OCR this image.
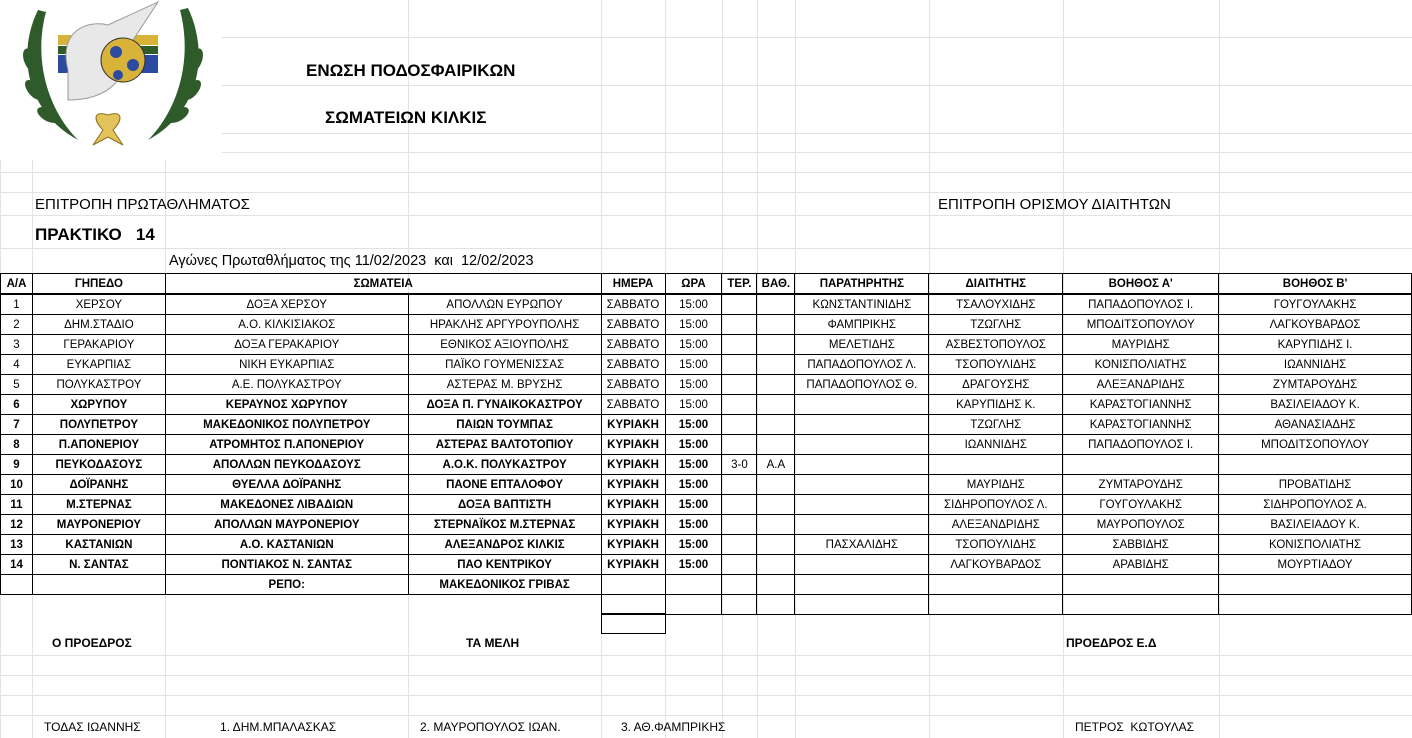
ΕΝΩΣΗ ΠΟΔΟΣΦΑΙΡΙΚΩΝ
ΣΩΜΑΤΕΙΩΝ ΚΙΛΚΙΣ
ΕΠΙΤΡΟΠΗ ΠΡΩΤΑΘΛΗΜΑΤΟΣ	ΕΠΙΤΡΟΠΗ ΟΡΙΣΜΟΥ ΔΙΑΙΤΗΤΩΝ
ΠΡΑΚΤΙΚΟ   14
Αγώνες Πρωταθλήματος της 11/02/2023  και  12/02/2023
Α/Α	ΓΗΠΕΔΟ	ΣΩΜΑΤΕΙΑ		ΗΜΕΡΑ	ΩΡΑ	ΤΕΡ.	ΒΑΘ.	ΠΑΡΑΤΗΡΗΤΗΣ	ΔΙΑΙΤΗΤΗΣ	ΒΟΗΘΟΣ Α'	ΒΟΗΘΟΣ Β'
1	ΧΕΡΣΟΥ	ΔΟΞΑ ΧΕΡΣΟΥ	ΑΠΟΛΛΩΝ ΕΥΡΩΠΟΥ	ΣΑΒΒΑΤΟ	15:00			ΚΩΝΣΤΑΝΤΙΝΙΔΗΣ	ΤΣΑΛΟΥΧΙΔΗΣ	ΠΑΠΑΔΟΠΟΥΛΟΣ Ι.	ΓΟΥΓΟΥΛΑΚΗΣ
2	ΔΗΜ.ΣΤΑΔΙΟ	Α.Ο. ΚΙΛΚΙΣΙΑΚΟΣ	ΗΡΑΚΛΗΣ ΑΡΓΥΡΟΥΠΟΛΗΣ	ΣΑΒΒΑΤΟ	15:00			ΦΑΜΠΡΙΚΗΣ	ΤΖΩΓΛΗΣ	ΜΠΟΔΙΤΣΟΠΟΥΛΟΥ	ΛΑΓΚΟΥΒΑΡΔΟΣ
3	ΓΕΡΑΚΑΡΙΟΥ	ΔΟΞΑ ΓΕΡΑΚΑΡΙΟΥ	ΕΘΝΙΚΟΣ ΑΞΙΟΥΠΟΛΗΣ	ΣΑΒΒΑΤΟ	15:00			ΜΕΛΕΤΙΔΗΣ	ΑΣΒΕΣΤΟΠΟΥΛΟΣ	ΜΑΥΡΙΔΗΣ	ΚΑΡΥΠΙΔΗΣ Ι.
4	ΕΥΚΑΡΠΙΑΣ	ΝΙΚΗ ΕΥΚΑΡΠΙΑΣ	ΠΑΪΚΟ ΓΟΥΜΕΝΙΣΣΑΣ	ΣΑΒΒΑΤΟ	15:00			ΠΑΠΑΔΟΠΟΥΛΟΣ Λ.	ΤΣΟΠΟΥΛΙΔΗΣ	ΚΟΝΙΣΠΟΛΙΑΤΗΣ	ΙΩΑΝΝΙΔΗΣ
5	ΠΟΛΥΚΑΣΤΡΟΥ	Α.Ε. ΠΟΛΥΚΑΣΤΡΟΥ	ΑΣΤΕΡΑΣ Μ. ΒΡΥΣΗΣ	ΣΑΒΒΑΤΟ	15:00			ΠΑΠΑΔΟΠΟΥΛΟΣ Θ.	ΔΡΑΓΟΥΣΗΣ	ΑΛΕΞΑΝΔΡΙΔΗΣ	ΖΥΜΤΑΡΟΥΔΗΣ
6	ΧΩΡΥΠΟΥ	ΚΕΡΑΥΝΟΣ ΧΩΡΥΠΟΥ	ΔΟΞΑ Π. ΓΥΝΑΙΚΟΚΑΣΤΡΟΥ	ΣΑΒΒΑΤΟ	15:00				ΚΑΡΥΠΙΔΗΣ Κ.	ΚΑΡΑΣΤΟΓΙΑΝΝΗΣ	ΒΑΣΙΛΕΙΑΔΟΥ Κ.
7	ΠΟΛΥΠΕΤΡΟΥ	ΜΑΚΕΔΟΝΙΚΟΣ ΠΟΛΥΠΕΤΡΟΥ	ΠΑΙΩΝ ΤΟΥΜΠΑΣ	ΚΥΡΙΑΚΗ	15:00				ΤΖΩΓΛΗΣ	ΚΑΡΑΣΤΟΓΙΑΝΝΗΣ	ΑΘΑΝΑΣΙΑΔΗΣ
8	Π.ΑΠΟΝΕΡΙΟΥ	ΑΤΡΟΜΗΤΟΣ Π.ΑΠΟΝΕΡΙΟΥ	ΑΣΤΕΡΑΣ ΒΑΛΤΟΤΟΠΙΟΥ	ΚΥΡΙΑΚΗ	15:00				ΙΩΑΝΝΙΔΗΣ	ΠΑΠΑΔΟΠΟΥΛΟΣ Ι.	ΜΠΟΔΙΤΣΟΠΟΥΛΟΥ
9	ΠΕΥΚΟΔΑΣΟΥΣ	ΑΠΟΛΛΩΝ ΠΕΥΚΟΔΑΣΟΥΣ	Α.Ο.Κ. ΠΟΛΥΚΑΣΤΡΟΥ	ΚΥΡΙΑΚΗ	15:00	3-0	Α.Α				
10	ΔΟΪΡΑΝΗΣ	ΘΥΕΛΛΑ ΔΟΪΡΑΝΗΣ	ΠΑΟΝΕ ΕΠΤΑΛΟΦΟΥ	ΚΥΡΙΑΚΗ	15:00				ΜΑΥΡΙΔΗΣ	ΖΥΜΤΑΡΟΥΔΗΣ	ΠΡΟΒΑΤΙΔΗΣ
11	Μ.ΣΤΕΡΝΑΣ	ΜΑΚΕΔΟΝΕΣ ΛΙΒΑΔΙΩΝ	ΔΟΞΑ ΒΑΠΤΙΣΤΗ	ΚΥΡΙΑΚΗ	15:00				ΣΙΔΗΡΟΠΟΥΛΟΣ Λ.	ΓΟΥΓΟΥΛΑΚΗΣ	ΣΙΔΗΡΟΠΟΥΛΟΣ Α.
12	ΜΑΥΡΟΝΕΡΙΟΥ	ΑΠΟΛΛΩΝ ΜΑΥΡΟΝΕΡΙΟΥ	ΣΤΕΡΝΑΪΚΟΣ Μ.ΣΤΕΡΝΑΣ	ΚΥΡΙΑΚΗ	15:00				ΑΛΕΞΑΝΔΡΙΔΗΣ	ΜΑΥΡΟΠΟΥΛΟΣ	ΒΑΣΙΛΕΙΑΔΟΥ Κ.
13	ΚΑΣΤΑΝΙΩΝ	Α.Ο. ΚΑΣΤΑΝΙΩΝ	ΑΛΕΞΑΝΔΡΟΣ ΚΙΛΚΙΣ	ΚΥΡΙΑΚΗ	15:00			ΠΑΣΧΑΛΙΔΗΣ	ΤΣΟΠΟΥΛΙΔΗΣ	ΣΑΒΒΙΔΗΣ	ΚΟΝΙΣΠΟΛΙΑΤΗΣ
14	Ν. ΣΑΝΤΑΣ	ΠΟΝΤΙΑΚΟΣ Ν. ΣΑΝΤΑΣ	ΠΑΟ ΚΕΝΤΡΙΚΟΥ	ΚΥΡΙΑΚΗ	15:00				ΛΑΓΚΟΥΒΑΡΔΟΣ	ΑΡΑΒΙΔΗΣ	ΜΟΥΡΤΙΑΔΟΥ
		ΡΕΠΟ:	ΜΑΚΕΔΟΝΙΚΟΣ ΓΡΙΒΑΣ								

Ο ΠΡΟΕΔΡΟΣ	ΤΑ ΜΕΛΗ	ΠΡΟΕΔΡΟΣ Ε.Δ
ΤΟΔΑΣ ΙΩΑΝΝΗΣ	1. ΔΗΜ.ΜΠΑΛΑΣΚΑΣ	2. ΜΑΥΡΟΠΟΥΛΟΣ ΙΩΑΝ.	3. ΑΘ.ΦΑΜΠΡΙΚΗΣ	ΠΕΤΡΟΣ  ΚΩΤΟΥΛΑΣ
